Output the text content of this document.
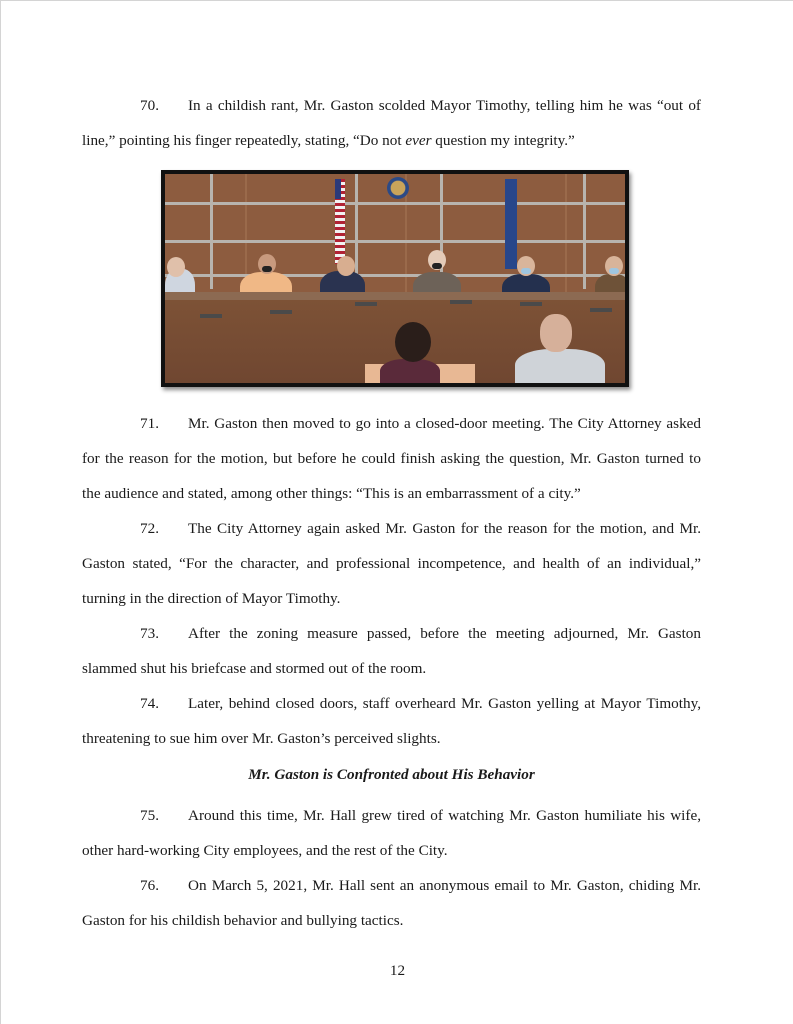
70. In a childish rant, Mr. Gaston scolded Mayor Timothy, telling him he was “out of
line,” pointing his finger repeatedly, stating, “Do not ever question my integrity.”
71. Mr. Gaston then moved to go into a closed-door meeting. The City Attorney asked
for the reason for the motion, but before he could finish asking the question, Mr. Gaston turned to
the audience and stated, among other things: “This is an embarrassment of a city.”
72. The City Attorney again asked Mr. Gaston for the reason for the motion, and Mr.
Gaston stated, “For the character, and professional incompetence, and health of an individual,”
turning in the direction of Mayor Timothy.
73. After the zoning measure passed, before the meeting adjourned, Mr. Gaston
slammed shut his briefcase and stormed out of the room.
74. Later, behind closed doors, staff overheard Mr. Gaston yelling at Mayor Timothy,
threatening to sue him over Mr. Gaston’s perceived slights.
Mr. Gaston is Confronted about His Behavior
75. Around this time, Mr. Hall grew tired of watching Mr. Gaston humiliate his wife,
other hard-working City employees, and the rest of the City.
76. On March 5, 2021, Mr. Hall sent an anonymous email to Mr. Gaston, chiding Mr.
Gaston for his childish behavior and bullying tactics.
12
